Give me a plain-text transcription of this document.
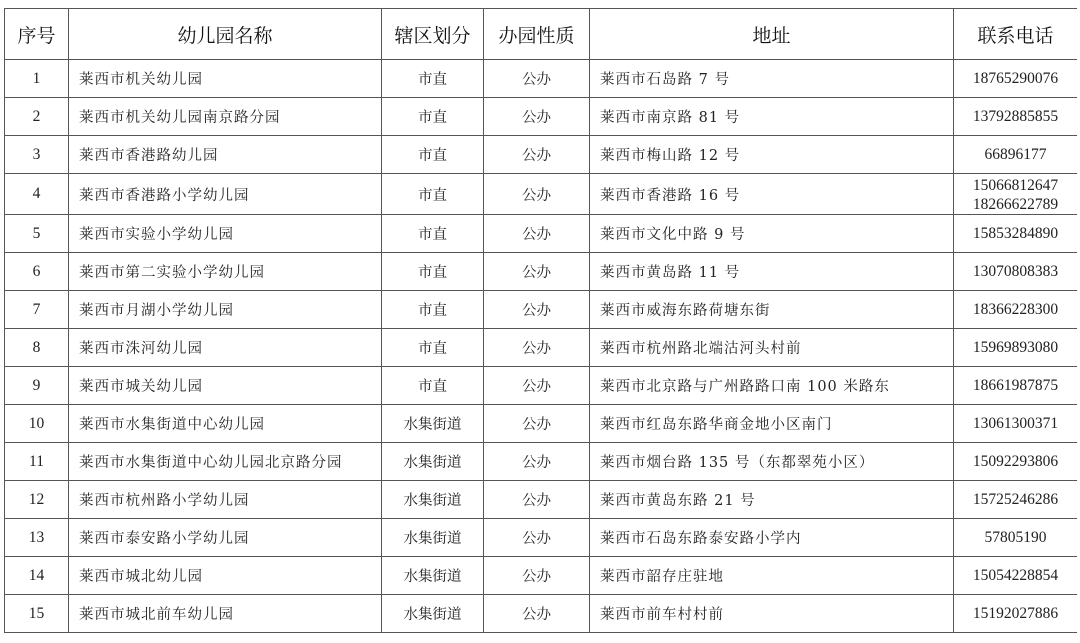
序号	幼儿园名称	辖区划分	办园性质	地址	联系电话
1	莱西市机关幼儿园	市直	公办	莱西市石岛路 7 号	18765290076
2	莱西市机关幼儿园南京路分园	市直	公办	莱西市南京路 81 号	13792885855
3	莱西市香港路幼儿园	市直	公办	莱西市梅山路 12 号	66896177
4	莱西市香港路小学幼儿园	市直	公办	莱西市香港路 16 号	15066812647
18266622789

5	莱西市实验小学幼儿园	市直	公办	莱西市文化中路 9 号	15853284890
6	莱西市第二实验小学幼儿园	市直	公办	莱西市黄岛路 11 号	13070808383
7	莱西市月湖小学幼儿园	市直	公办	莱西市威海东路荷塘东街	18366228300
8	莱西市洙河幼儿园	市直	公办	莱西市杭州路北端沽河头村前	15969893080
9	莱西市城关幼儿园	市直	公办	莱西市北京路与广州路路口南 100 米路东	18661987875
10	莱西市水集街道中心幼儿园	水集街道	公办	莱西市红岛东路华商金地小区南门	13061300371
11	莱西市水集街道中心幼儿园北京路分园	水集街道	公办	莱西市烟台路 135 号（东都翠苑小区）	15092293806
12	莱西市杭州路小学幼儿园	水集街道	公办	莱西市黄岛东路 21 号	15725246286
13	莱西市泰安路小学幼儿园	水集街道	公办	莱西市石岛东路泰安路小学内	57805190
14	莱西市城北幼儿园	水集街道	公办	莱西市韶存庄驻地	15054228854
15	莱西市城北前车幼儿园	水集街道	公办	莱西市前车村村前	15192027886
